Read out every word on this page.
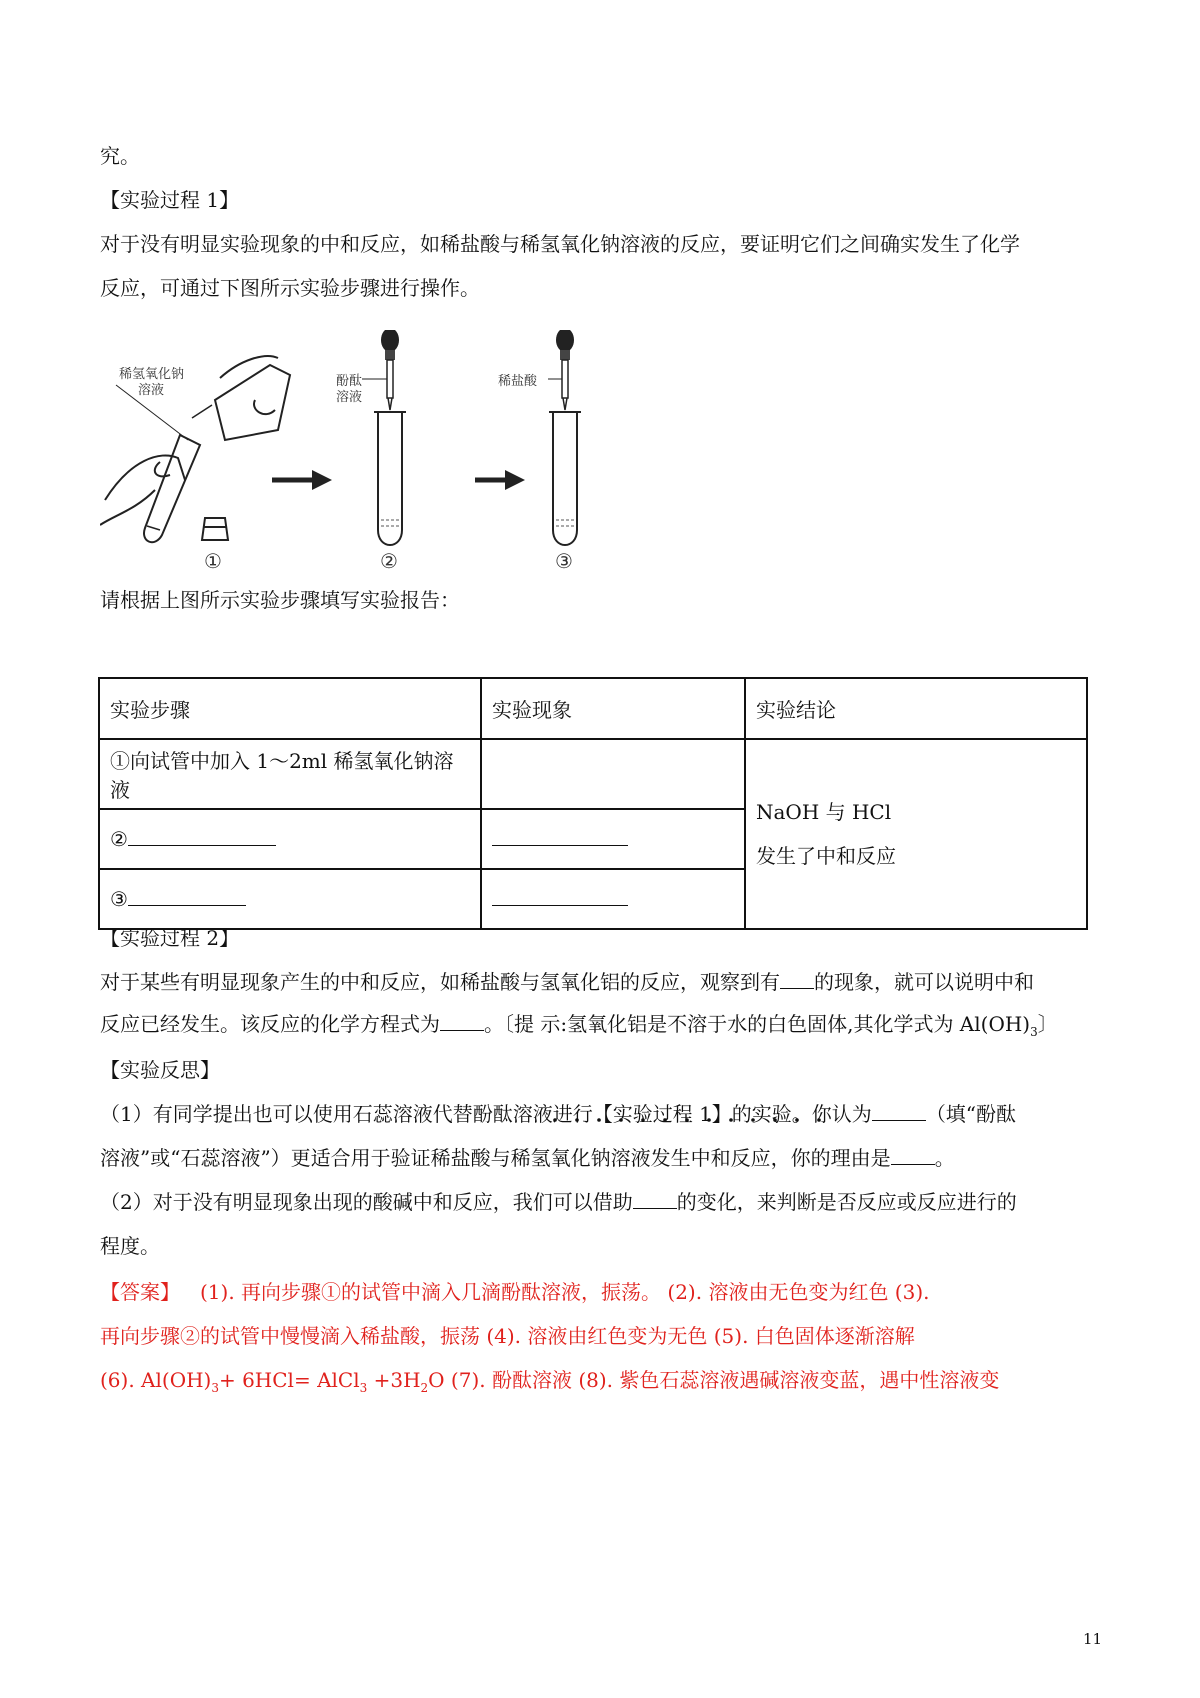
究。
【实验过程 1】
对于没有明显实验现象的中和反应，如稀盐酸与稀氢氧化钠溶液的反应，要证明它们之间确实发生了化学
反应，可通过下图所示实验步骤进行操作。
稀氢氧化钠
溶液
酚酞
溶液
稀盐酸
①	②	③
请根据上图所示实验步骤填写实验报告：
实验步骤	实验现象	实验结论
①向试管中加入 1～2ml 稀氢氧化钠溶液		NaOH 与 HCl
发生了中和反应

②		
③		
【实验过程 2】
对于某些有明显现象产生的中和反应，如稀盐酸与氢氧化铝的反应，观察到有 的现象，就可以说明中和
反应已经发生。该反应的化学方程式为 。〔提 示:氢氧化铝是不溶于水的白色固体,其化学式为 $Al(OH)_3$〕
【实验反思】
（1）有同学提出也可以使用石蕊溶液代替酚酞溶液进行【实验过程 1】的实验。你认为	（填“酚酞
溶液”或“石蕊溶液”）更适合用于验证稀盐酸与稀氢氧化钠溶液发生中和反应，你的理由是 。
（2）对于没有明显现象出现的酸碱中和反应，我们可以借助 的变化，来判断是否反应或反应进行的
程度。
【答案】 (1). 再向步骤①的试管中滴入几滴酚酞溶液，振荡。 (2). 溶液由无色变为红色 (3).
再向步骤②的试管中慢慢滴入稀盐酸，振荡 (4). 溶液由红色变为无色 (5). 白色固体逐渐溶解
(6). $Al(OH)_3+ 6HCl=$ AlCl$_3$ $+3H_2O$ (7). 酚酞溶液 (8). 紫色石蕊溶液遇碱溶液变蓝，遇中性溶液变
11
